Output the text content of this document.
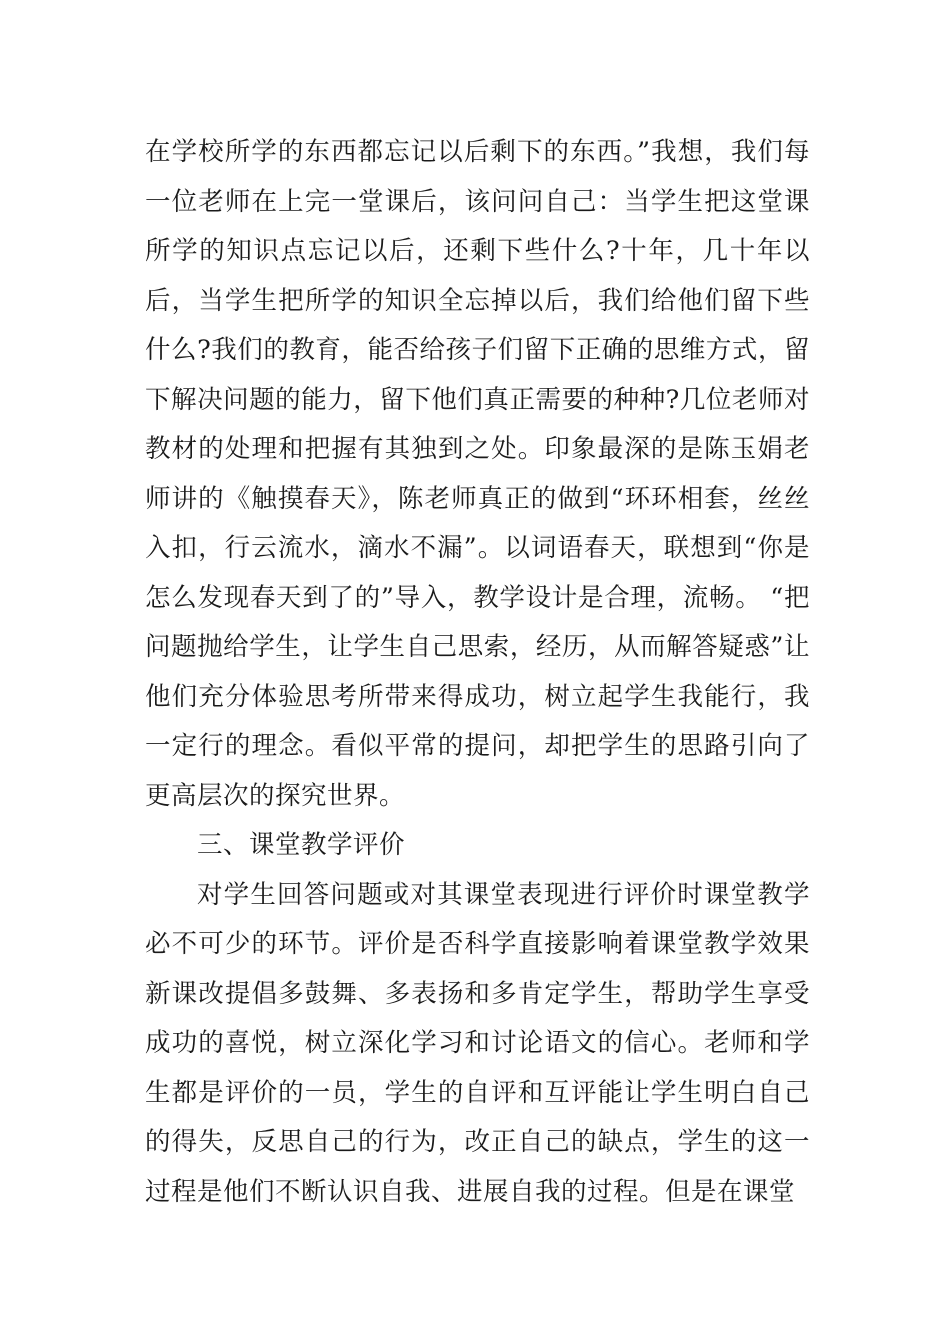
在学校所学的东西都忘记以后剩下的东西。”我想，我们每一位老师在上完一堂课后，该问问自己：当学生把这堂课所学的知识点忘记以后，还剩下些什么?十年，几十年以后，当学生把所学的知识全忘掉以后，我们给他们留下些什么?我们的教育，能否给孩子们留下正确的思维方式，留下解决问题的能力，留下他们真正需要的种种?几位老师对教材的处理和把握有其独到之处。印象最深的是陈玉娟老师讲的《触摸春天》，陈老师真正的做到“环环相套，丝丝入扣，行云流水，滴水不漏”。以词语春天，联想到“你是怎么发现春天到了的”导入，教学设计是合理，流畅。 “把问题抛给学生，让学生自己思索，经历，从而解答疑惑”让他们充分体验思考所带来得成功，树立起学生我能行，我一定行的理念。看似平常的提问，却把学生的思路引向了更高层次的探究世界。

三、课堂教学评价

对学生回答问题或对其课堂表现进行评价时课堂教学必不可少的环节。评价是否科学直接影响着课堂教学效果新课改提倡多鼓舞、多表扬和多肯定学生，帮助学生享受成功的喜悦，树立深化学习和讨论语文的信心。老师和学生都是评价的一员，学生的自评和互评能让学生明白自己的得失，反思自己的行为，改正自己的缺点，学生的这一过程是他们不断认识自我、进展自我的过程。但是在课堂
